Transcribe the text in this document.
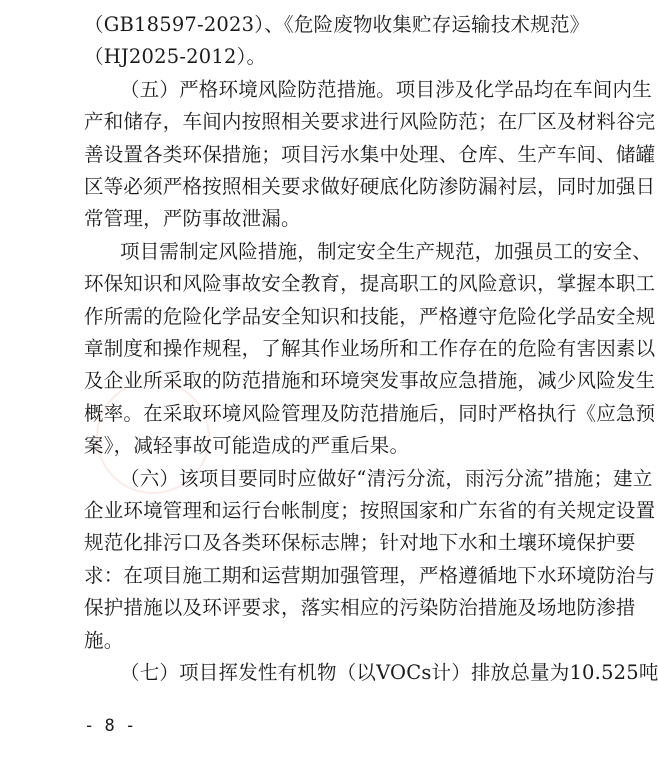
- 8 -
（GB18597-2023）、《危险废物收集贮存运输技术规范》
（HJ2025-2012）。
（五）严格环境风险防范措施。项目涉及化学品均在车间内生
产和储存，车间内按照相关要求进行风险防范；在厂区及材料谷完
善设置各类环保措施；项目污水集中处理、仓库、生产车间、储罐
区等必须严格按照相关要求做好硬底化防渗防漏衬层，同时加强日
常管理，严防事故泄漏。
项目需制定风险措施，制定安全生产规范，加强员工的安全、
环保知识和风险事故安全教育，提高职工的风险意识，掌握本职工
作所需的危险化学品安全知识和技能，严格遵守危险化学品安全规
章制度和操作规程，了解其作业场所和工作存在的危险有害因素以
及企业所采取的防范措施和环境突发事故应急措施，减少风险发生
概率。在采取环境风险管理及防范措施后，同时严格执行《应急预
案》，减轻事故可能造成的严重后果。
（六）该项目要同时应做好“清污分流，雨污分流”措施；建立
企业环境管理和运行台帐制度；按照国家和广东省的有关规定设置
规范化排污口及各类环保标志牌；针对地下水和土壤环境保护要
求：在项目施工期和运营期加强管理，严格遵循地下水环境防治与
保护措施以及环评要求，落实相应的污染防治措施及场地防渗措
施。
（七）项目挥发性有机物（以VOCs计）排放总量为10.525吨
